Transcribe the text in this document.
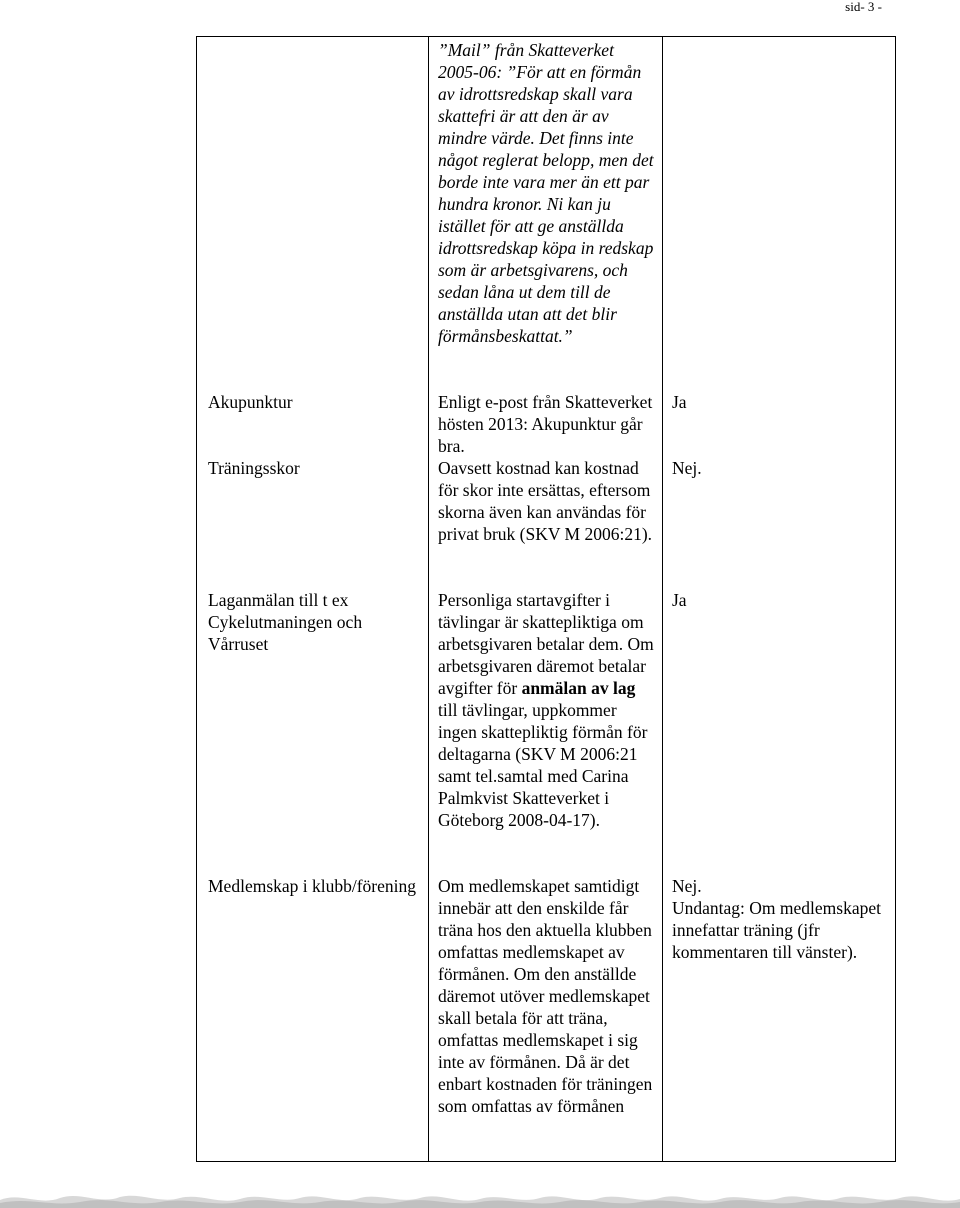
sid- 3 -
	”Mail” från Skatteverket 2005-06: ”För att en förmån av idrottsredskap skall vara skattefri är att den är av mindre värde. Det finns inte något reglerat belopp, men det borde inte vara mer än ett par hundra kronor. Ni kan ju istället för att ge anställda idrottsredskap köpa in redskap som är arbetsgivarens, och sedan låna ut dem till de anställda utan att det blir förmånsbeskattat.”	
Akupunktur	Enligt e-post från Skatteverket hösten 2013: Akupunktur går bra.	Ja
Träningsskor	Oavsett kostnad kan kostnad för skor inte ersättas, eftersom skorna även kan användas för privat bruk (SKV M 2006:21).	Nej.
Laganmälan till t ex Cykelutmaningen och Vårruset	Personliga startavgifter i tävlingar är skattepliktiga om arbetsgivaren betalar dem. Om arbetsgivaren däremot betalar avgifter för anmälan av lag till tävlingar, uppkommer ingen skattepliktig förmån för deltagarna (SKV M 2006:21 samt tel.samtal med Carina Palmkvist Skatteverket i Göteborg 2008-04-17).	Ja
Medlemskap i klubb/förening	Om medlemskapet samtidigt innebär att den enskilde får träna hos den aktuella klubben omfattas medlemskapet av förmånen. Om den anställde däremot utöver medlemskapet skall betala för att träna, omfattas medlemskapet i sig inte av förmånen. Då är det enbart kostnaden för träningen som omfattas av förmånen	Nej.
Undantag: Om medlemskapet innefattar träning (jfr kommentaren till vänster).
